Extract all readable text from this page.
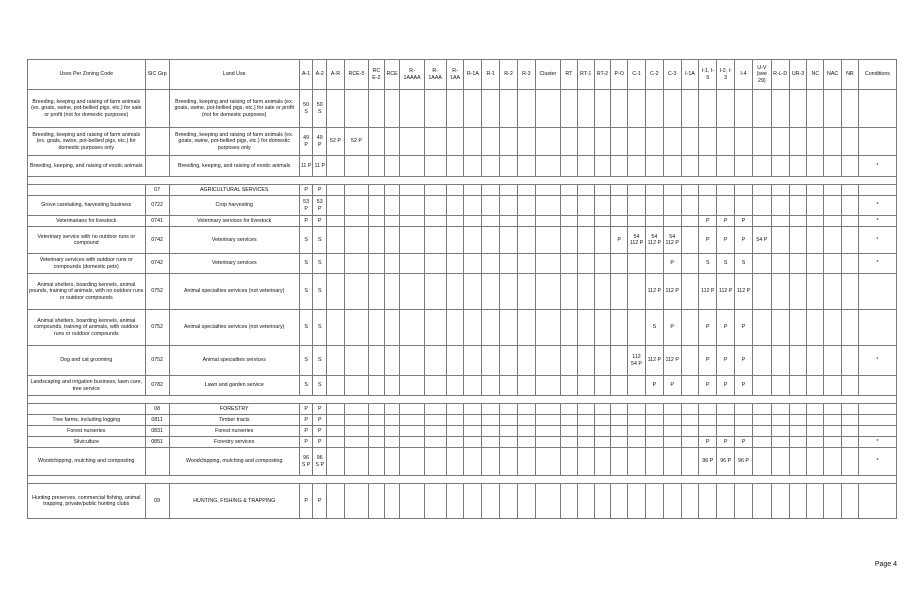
Uses Per Zoning Code	SIC Grp	Land Use	A-1	A-2	A-R	RCE-5	RC E-2	RCE	R-1AAAA	R-1AAA	R-1AA	R-1A	R-1	R-2	R-3	Cluster	RT	RT-1	RT-2	P-O	C-1	C-2	C-3	I-1A	I-1, I-5	I-2, I-3	I-4	U-V (see 29)	R-L-D	UR-3	NC	NAC	NR	Conditions
Breeding, keeping and raising of farm animals (ex. goats, swine, pot-bellied pigs, etc.) for sale or profit (not for domestic purposes)		Breeding, keeping and raising of farm animals (ex. goats, swine, pot-bellied pigs, etc.) for sale or profit (not for domestic purposes)	50 S	50 S																														
Breeding, keeping and raising of farm animals (ex. goats, swine, pot-bellied pigs, etc.) for domestic purposes only		Breeding, keeping and raising of farm animals (ex. goats, swine, pot-bellied pigs, etc.) for domestic purposes only	49 P	49 P	52 P	52 P																												
Breeding, keeping, and raising of exotic animals		Breeding, keeping, and raising of exotic animals	11 P	11 P																														*

	07	AGRICULTURAL SERVICES	P	P																														
Grove caretaking, harvesting business	0722	Crop harvesting	53 P	53 P																														*
Veterinarians for livestock	0741	Veterinary services for livestock	P	P																					P	P	P							*
Veterinary service with no outdoor runs or compound	0742	Veterinary services	S	S																P	54 112 P	54 112 P	54 112 P		P	P	P	54 P						*
Veterinary services with outdoor runs or compounds (domestic pets)	0742	Veterinary services	S	S																			P		S	S	S							*
Animal shelters, boarding kennels, animal pounds, training of animals, with no outdoor runs or outdoor compounds	0752	Animal specialties services (not veterinary)	S	S																		112 P	112 P		112 P	112 P	112 P							
Animal shelters, boarding kennels, animal compounds, training of animals, with outdoor runs or outdoor compounds	0752	Animal specialties services (not veterinary)	S	S																		S	P		P	P	P							
Dog and cat grooming	0752	Animal specialties services	S	S																	112 54 P	112 P	112 P		P	P	P							*
Landscaping and irrigation business, lawn care, tree service	0782	Lawn and garden service	S	S																		P	P		P	P	P							

	08	FORESTRY	P	P																														
Tree farms, including logging	0811	Timber tracts	P	P																														
Forest nurseries	0831	Forest nurseries	P	P																														
Silviculture	0851	Forestry services	P	P																					P	P	P							*
Woodchipping, mulching and composting		Woodchipping, mulching and composting	96 S P	96 S P																					96 P	96 P	96 P							*

Hunting preserves, commercial fishing, animal trapping, private/public hunting clubs	09	HUNTING, FISHING & TRAPPING	P	P																														
Page 4
